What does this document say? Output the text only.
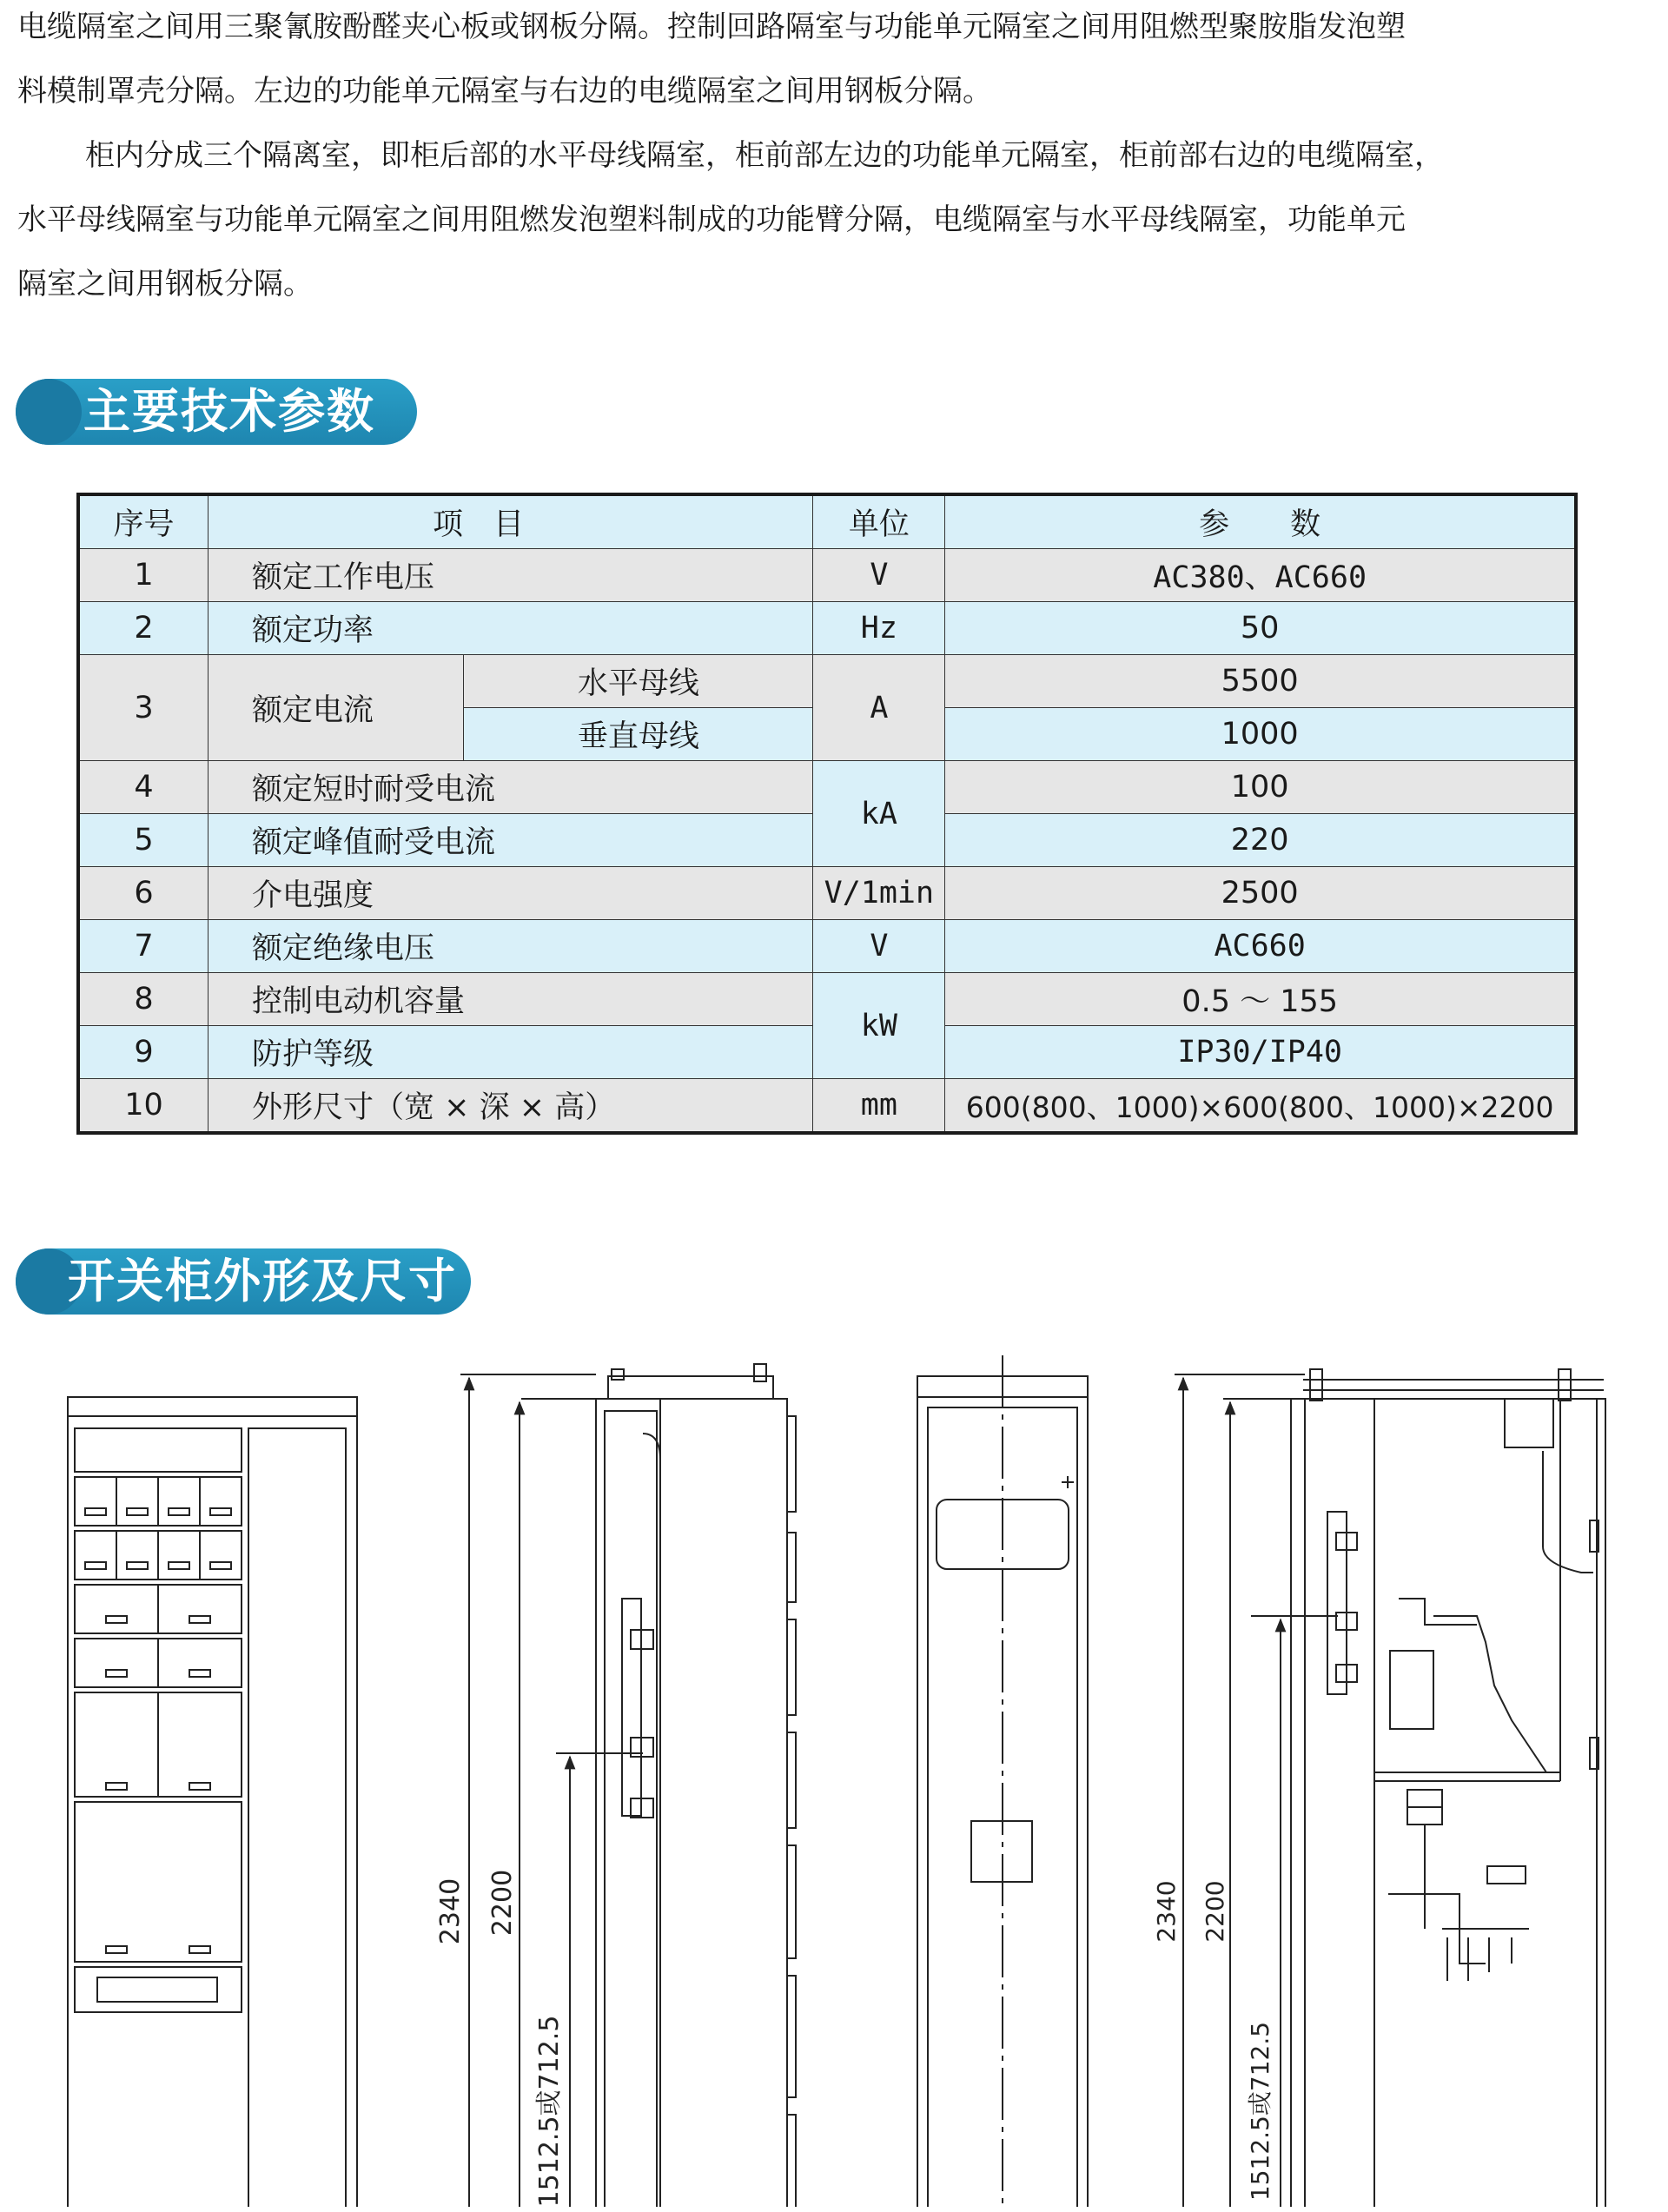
电缆隔室之间用三聚氰胺酚醛夹心板或钢板分隔。控制回路隔室与功能单元隔室之间用阻燃型聚胺脂发泡塑

料模制罩壳分隔。左边的功能单元隔室与右边的电缆隔室之间用钢板分隔。

柜内分成三个隔离室，即柜后部的水平母线隔室，柜前部左边的功能单元隔室，柜前部右边的电缆隔室，

水平母线隔室与功能单元隔室之间用阻燃发泡塑料制成的功能臂分隔，电缆隔室与水平母线隔室，功能单元

隔室之间用钢板分隔。

主要技术参数
序号	项　目		单位	参　　数
1	额定工作电压		V	AC380、AC660
2	额定功率		Hz	50
3	额定电流	水平母线	A	5500
		垂直母线		1000
4	额定短时耐受电流		kA	100
5	额定峰值耐受电流			220
6	介电强度		V/1min	2500
7	额定绝缘电压		V	AC660
8	控制电动机容量		kW	0.5 ～ 155
9	防护等级			IP30/IP40
10	外形尺寸（宽 × 深 × 高）		mm	600(800、1000)×600(800、1000)×2200
开关柜外形及尺寸
2340 2200
1512.5或712.5
2340 2200
1512.5或712.5
